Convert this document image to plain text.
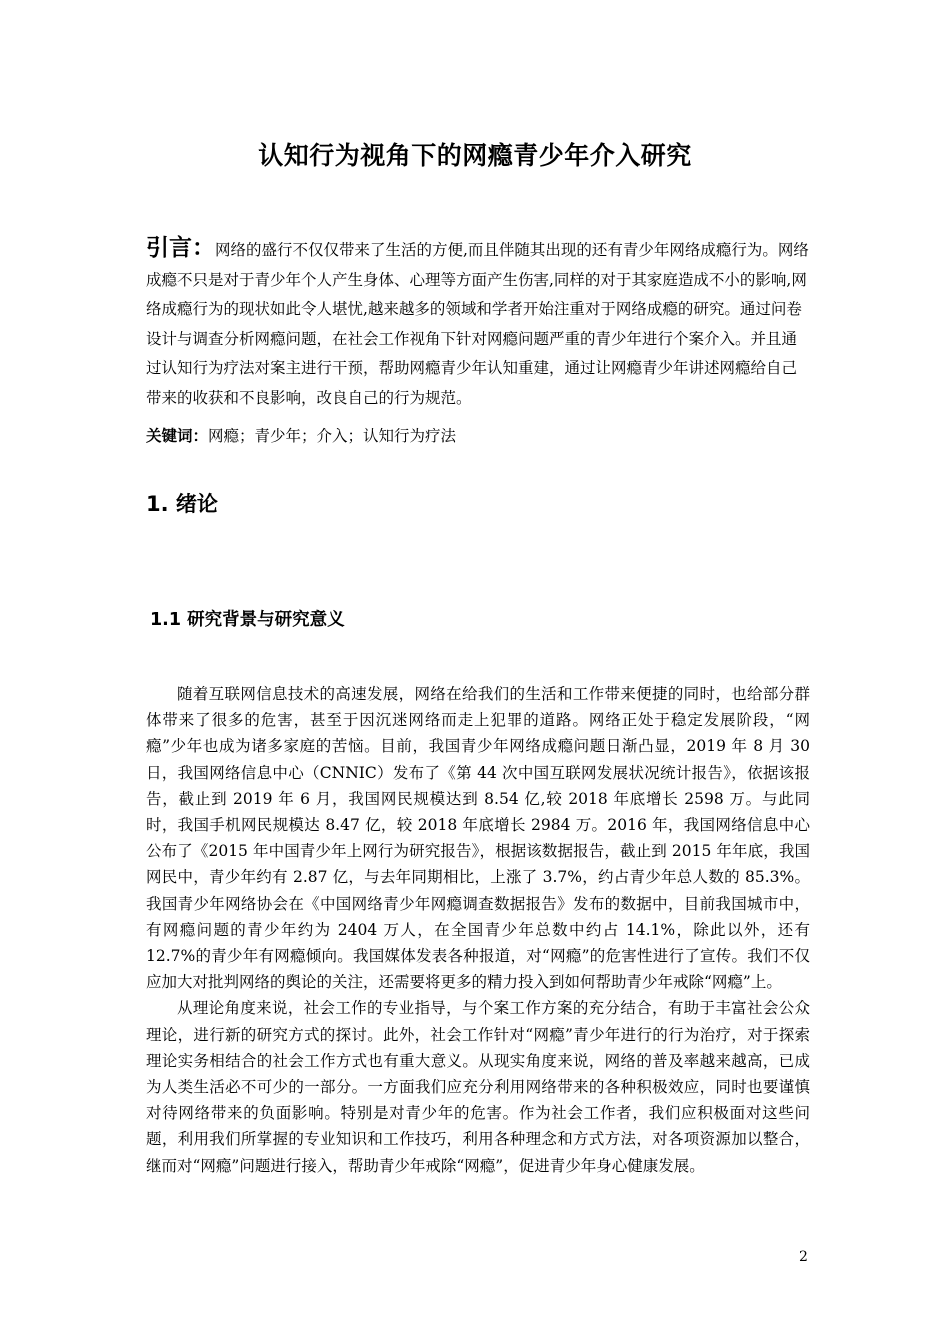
认知行为视角下的网瘾青少年介入研究
引言：网络的盛行不仅仅带来了生活的方便,而且伴随其出现的还有青少年网络成瘾行为。网络成瘾不只是对于青少年个人产生身体、心理等方面产生伤害,同样的对于其家庭造成不小的影响,网络成瘾行为的现状如此令人堪忧,越来越多的领域和学者开始注重对于网络成瘾的研究。通过问卷设计与调查分析网瘾问题，在社会工作视角下针对网瘾问题严重的青少年进行个案介入。并且通过认知行为疗法对案主进行干预，帮助网瘾青少年认知重建，通过让网瘾青少年讲述网瘾给自己带来的收获和不良影响，改良自己的行为规范。
关键词：网瘾；青少年；介入；认知行为疗法
1. 绪论
1.1 研究背景与研究意义

随着互联网信息技术的高速发展，网络在给我们的生活和工作带来便捷的同时，也给部分群体带来了很多的危害，甚至于因沉迷网络而走上犯罪的道路。网络正处于稳定发展阶段，“网瘾”少年也成为诸多家庭的苦恼。目前，我国青少年网络成瘾问题日渐凸显，2019 年 8 月 30 日，我国网络信息中心（CNNIC）发布了《第 44 次中国互联网发展状况统计报告》，依据该报告，截止到 2019 年 6 月，我国网民规模达到 8.54 亿,较 2018 年底增长 2598 万。与此同时，我国手机网民规模达 8.47 亿，较 2018 年底增长 2984 万。2016 年，我国网络信息中心公布了《2015 年中国青少年上网行为研究报告》，根据该数据报告，截止到 2015 年年底，我国网民中，青少年约有 2.87 亿，与去年同期相比，上涨了 3.7%，约占青少年总人数的 85.3%。我国青少年网络协会在《中国网络青少年网瘾调查数据报告》发布的数据中，目前我国城市中，有网瘾问题的青少年约为 2404 万人，在全国青少年总数中约占 14.1%，除此以外，还有 12.7%的青少年有网瘾倾向。我国媒体发表各种报道，对“网瘾”的危害性进行了宣传。我们不仅应加大对批判网络的舆论的关注，还需要将更多的精力投入到如何帮助青少年戒除“网瘾”上。

从理论角度来说，社会工作的专业指导，与个案工作方案的充分结合，有助于丰富社会公众理论，进行新的研究方式的探讨。此外，社会工作针对“网瘾”青少年进行的行为治疗，对于探索理论实务相结合的社会工作方式也有重大意义。从现实角度来说，网络的普及率越来越高，已成为人类生活必不可少的一部分。一方面我们应充分利用网络带来的各种积极效应，同时也要谨慎对待网络带来的负面影响。特别是对青少年的危害。作为社会工作者，我们应积极面对这些问题，利用我们所掌握的专业知识和工作技巧，利用各种理念和方式方法，对各项资源加以整合，继而对“网瘾”问题进行接入，帮助青少年戒除“网瘾”，促进青少年身心健康发展。

2
